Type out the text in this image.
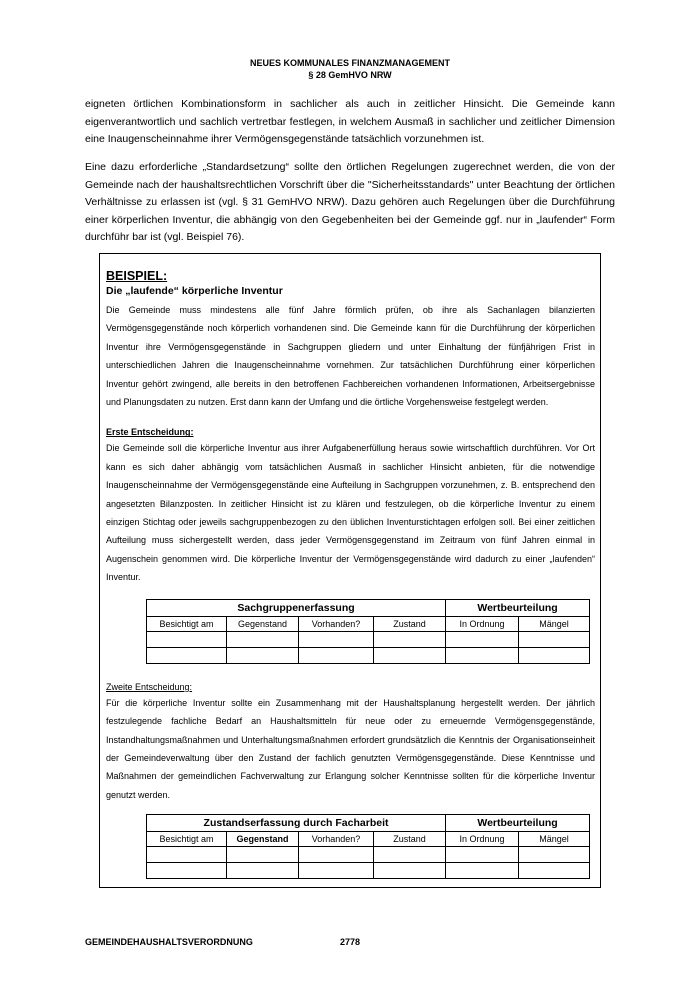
NEUES KOMMUNALES FINANZMANAGEMENT
§ 28 GemHVO NRW

eigneten örtlichen Kombinationsform in sachlicher als auch in zeitlicher Hinsicht. Die Gemeinde kann eigenverantwortlich und sachlich vertretbar festlegen, in welchem Ausmaß in sachlicher und zeitlicher Dimension eine Inaugenscheinnahme ihrer Vermögensgegenstände tatsächlich vorzunehmen ist.

Eine dazu erforderliche „Standardsetzung“ sollte den örtlichen Regelungen zugerechnet werden, die von der Gemeinde nach der haushaltsrechtlichen Vorschrift über die "Sicherheitsstandards" unter Beachtung der örtlichen Verhältnisse zu erlassen ist (vgl. § 31 GemHVO NRW). Dazu gehören auch Regelungen über die Durchführung einer körperlichen Inventur, die abhängig von den Gegebenheiten bei der Gemeinde ggf. nur in „laufender“ Form durchführ bar ist (vgl. Beispiel 76).

BEISPIEL:
Die „laufende“ körperliche Inventur

Die Gemeinde muss mindestens alle fünf Jahre förmlich prüfen, ob ihre als Sachanlagen bilanzierten Vermögensgegenstände noch körperlich vorhandenen sind. Die Gemeinde kann für die Durchführung der körperlichen Inventur ihre Vermögensgegenstände in Sachgruppen gliedern und unter Einhaltung der fünfjährigen Frist in unterschiedlichen Jahren die Inaugenscheinnahme vornehmen. Zur tatsächlichen Durchführung einer körperlichen Inventur gehört zwingend, alle bereits in den betroffenen Fachbereichen vorhandenen Informationen, Arbeitsergebnisse und Planungsdaten zu nutzen. Erst dann kann der Umfang und die örtliche Vorgehensweise festgelegt werden.

Erste Entscheidung:

Die Gemeinde soll die körperliche Inventur aus ihrer Aufgabenerfüllung heraus sowie wirtschaftlich durchführen. Vor Ort kann es sich daher abhängig vom tatsächlichen Ausmaß in sachlicher Hinsicht anbieten, für die notwendige Inaugenscheinnahme der Vermögensgegenstände eine Aufteilung in Sachgruppen vorzunehmen, z. B. entsprechend den angesetzten Bilanzposten. In zeitlicher Hinsicht ist zu klären und festzulegen, ob die körperliche Inventur zu einem einzigen Stichtag oder jeweils sachgruppenbezogen zu den üblichen Inventurstichtagen erfolgen soll. Bei einer zeitlichen Aufteilung muss sichergestellt werden, dass jeder Vermögensgegenstand im Zeitraum von fünf Jahren einmal in Augenschein genommen wird. Die körperliche Inventur der Vermögensgegenstände wird dadurch zu einer „laufenden“ Inventur.

Sachgruppenerfassung				Wertbeurteilung	
Besichtigt am	Gegenstand	Vorhanden?	Zustand	In Ordnung	Mängel

Zweite Entscheidung:

Für die körperliche Inventur sollte ein Zusammenhang mit der Haushaltsplanung hergestellt werden. Der jährlich festzulegende fachliche Bedarf an Haushaltsmitteln für neue oder zu erneuernde Vermögensgegenstände, Instandhaltungsmaßnahmen und Unterhaltungsmaßnahmen erfordert grundsätzlich die Kenntnis der Organisationseinheit der Gemeindeverwaltung über den Zustand der fachlich genutzten Vermögensgegenstände. Diese Kenntnisse und Maßnahmen der gemeindlichen Fachverwaltung zur Erlangung solcher Kenntnisse sollten für die körperliche Inventur genutzt werden.

Zustandserfassung durch Facharbeit				Wertbeurteilung	
Besichtigt am	Gegenstand	Vorhanden?	Zustand	In Ordnung	Mängel

GEMEINDEHAUSHALTSVERORDNUNG	2778
